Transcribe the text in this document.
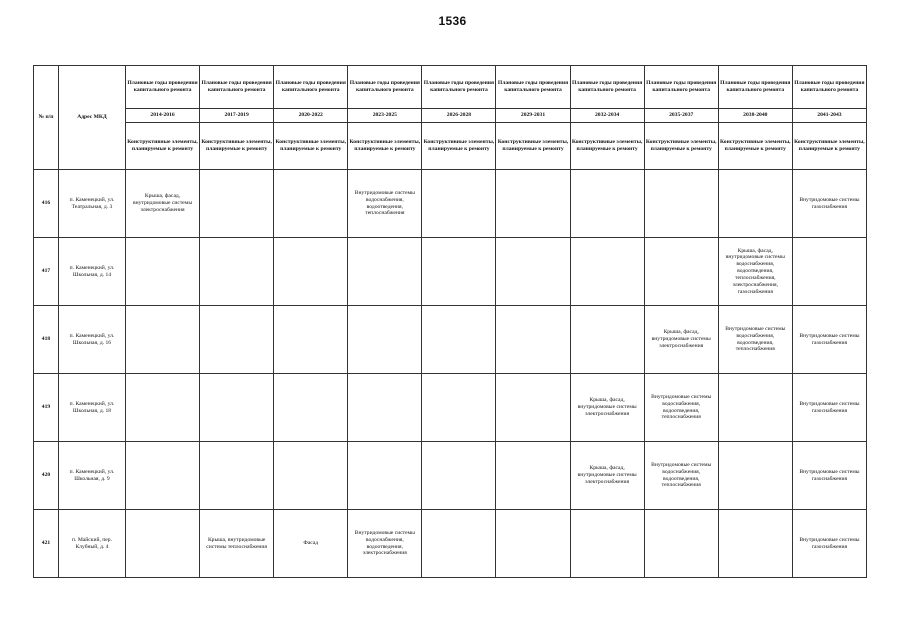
1536
№ п/п	Адрес МКД	Плановые годы проведения капитального ремонта	Плановые годы проведения капитального ремонта	Плановые годы проведения капитального ремонта	Плановые годы проведения капитального ремонта	Плановые годы проведения капитального ремонта	Плановые годы проведения капитального ремонта	Плановые годы проведения капитального ремонта	Плановые годы проведения капитального ремонта	Плановые годы проведения капитального ремонта	Плановые годы проведения капитального ремонта
		2014-2016	2017-2019	2020-2022	2023-2025	2026-2028	2029-2031	2032-2034	2035-2037	2038-2040	2041-2043
		Конструктивные элементы, планируемые к ремонту	Конструктивные элементы, планируемые к ремонту	Конструктивные элементы, планируемые к ремонту	Конструктивные элементы, планируемые к ремонту	Конструктивные элементы, планируемые к ремонту	Конструктивные элементы, планируемые к ремонту	Конструктивные элементы, планируемые к ремонту	Конструктивные элементы, планируемые к ремонту	Конструктивные элементы, планируемые к ремонту	Конструктивные элементы, планируемые к ремонту
416	п. Каменецкий, ул. Театральная, д. 3	Крыша, фасад, внутридомовые системы электроснабжения			Внутридомовые системы водоснабжения, водоотведения, теплоснабжения						Внутридомовые системы газоснабжения
417	п. Каменецкий, ул. Школьная, д. 14									Крыша, фасад, внутридомовые системы водоснабжения, водоотведения, теплоснабжения, электроснабжения, газоснабжения	
418	п. Каменецкий, ул. Школьная, д. 16								Крыша, фасад, внутридомовые системы электроснабжения	Внутридомовые системы водоснабжения, водоотведения, теплоснабжения	Внутридомовые системы газоснабжения
419	п. Каменецкий, ул. Школьная, д. 18							Крыша, фасад, внутридомовые системы электроснабжения	Внутридомовые системы водоснабжения, водоотведения, теплоснабжения		Внутридомовые системы газоснабжения
420	п. Каменецкий, ул. Школьная, д. 9							Крыша, фасад, внутридомовые системы электроснабжения	Внутридомовые системы водоснабжения, водоотведения, теплоснабжения		Внутридомовые системы газоснабжения
421	п. Майский, пер. Клубный, д. 4		Крыша, внутридомовые системы теплоснабжения	Фасад	Внутридомовые системы водоснабжения, водоотведения, электроснабжения						Внутридомовые системы газоснабжения
